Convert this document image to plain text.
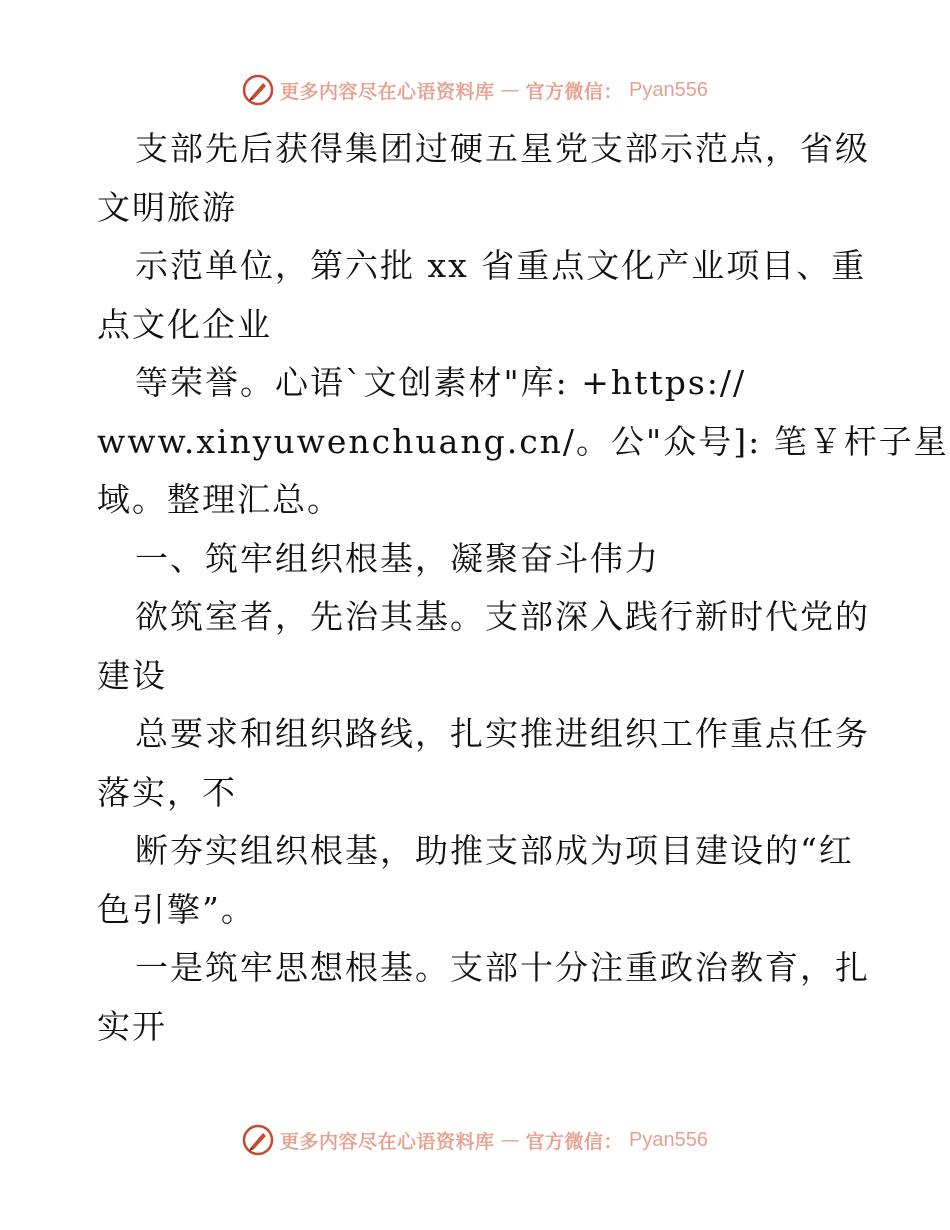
更多内容尽在心语资料库 — 官方微信： Pyan556
支部先后获得集团过硬五星党支部示范点，省级
文明旅游
示范单位，第六批 xx 省重点文化产业项目、重
点文化企业
等荣誉。心语`文创素材"库: +https://
www.xinyuwenchuang.cn/。公"众号]: 笔￥杆子星
域。整理汇总。
一、筑牢组织根基，凝聚奋斗伟力
欲筑室者，先治其基。支部深入践行新时代党的
建设
总要求和组织路线，扎实推进组织工作重点任务
落实，不
断夯实组织根基，助推支部成为项目建设的“红
色引擎”。
一是筑牢思想根基。支部十分注重政治教育，扎
实开
更多内容尽在心语资料库 — 官方微信： Pyan556
